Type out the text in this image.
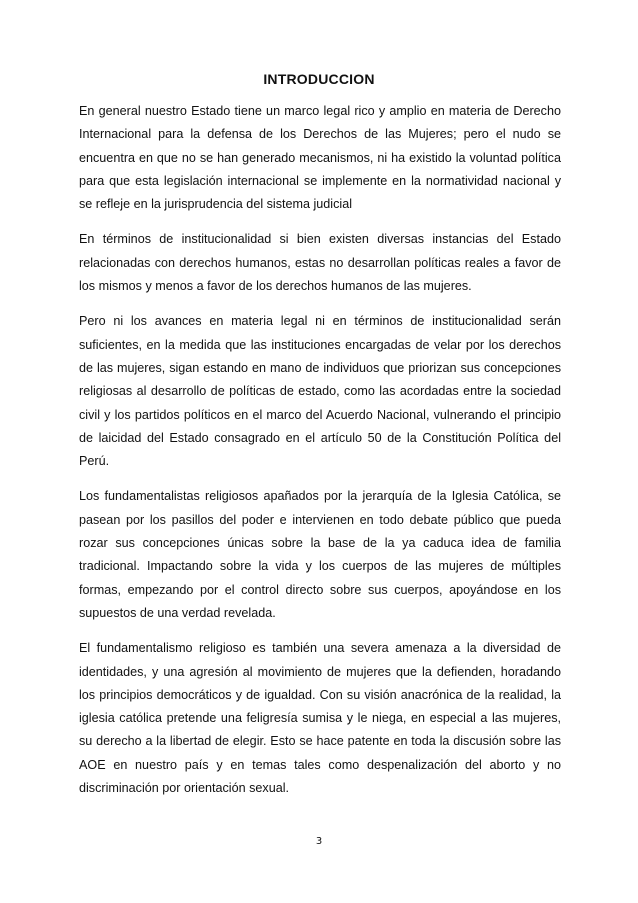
INTRODUCCION

En general nuestro Estado tiene un marco legal rico y amplio en materia de Derecho Internacional para la defensa de los Derechos de las Mujeres; pero el nudo se encuentra en que no se han generado mecanismos, ni ha existido la voluntad política para que esta legislación internacional se implemente en la normatividad nacional y se refleje en la jurisprudencia del sistema judicial

En términos de institucionalidad si bien existen diversas instancias del Estado relacionadas con derechos humanos, estas no desarrollan políticas reales a favor de los mismos y menos a favor de los derechos humanos de las mujeres.

Pero ni los avances en materia legal ni en términos de institucionalidad serán suficientes, en la medida que las instituciones encargadas de velar por los derechos de las mujeres, sigan estando en mano de individuos que priorizan sus concepciones religiosas al desarrollo de políticas de estado, como las acordadas entre la sociedad civil y los partidos políticos en el marco del Acuerdo Nacional, vulnerando el principio de laicidad del Estado consagrado en el artículo 50 de la Constitución Política del Perú.

Los fundamentalistas religiosos apañados por la jerarquía de la Iglesia Católica, se pasean por los pasillos del poder e intervienen en todo debate público que pueda rozar sus concepciones únicas sobre la base de la ya caduca idea de familia tradicional. Impactando sobre la vida y los cuerpos de las mujeres de múltiples formas, empezando por el control directo sobre sus cuerpos, apoyándose en los supuestos de una verdad revelada.

El fundamentalismo religioso es también una severa amenaza a la diversidad de identidades, y una agresión al movimiento de mujeres que la defienden, horadando los principios democráticos y de igualdad. Con su visión anacrónica de la realidad, la iglesia católica pretende una feligresía sumisa y le niega, en especial a las mujeres, su derecho a la libertad de elegir. Esto se hace patente en toda la discusión sobre las AOE en nuestro país y en temas tales como despenalización del aborto y no discriminación por orientación sexual.

3
